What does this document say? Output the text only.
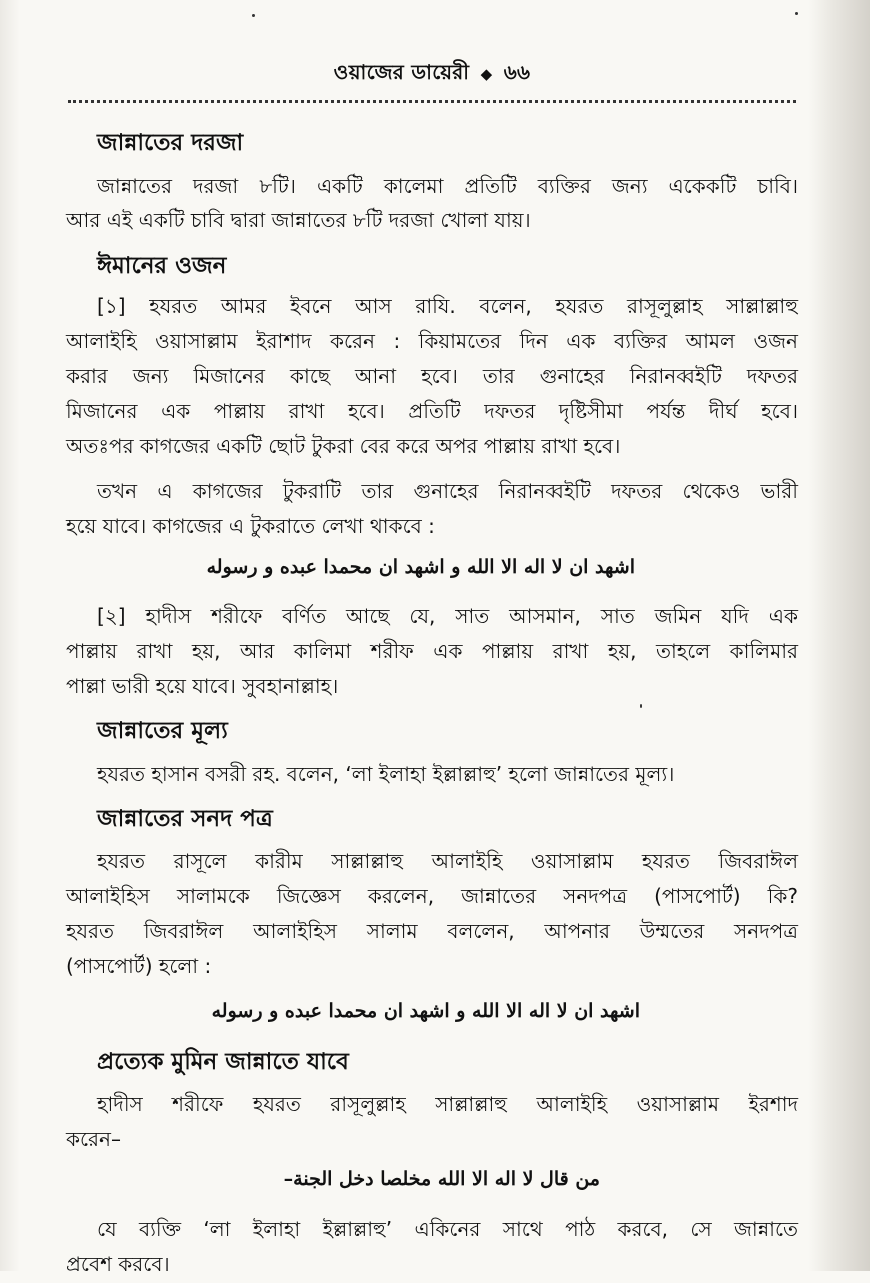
ওয়াজের ডায়েরী ◆ ৬৬
জান্নাতের দরজা
জান্নাতের দরজা ৮টি। একটি কালেমা প্রতিটি ব্যক্তির জন্য একেকটি চাবি।
আর এই একটি চাবি দ্বারা জান্নাতের ৮টি দরজা খোলা যায়।
ঈমানের ওজন
[১] হযরত আমর ইবনে আস রাযি. বলেন, হযরত রাসূলুল্লাহ সাল্লাল্লাহু
আলাইহি ওয়াসাল্লাম ইরাশাদ করেন : কিয়ামতের দিন এক ব্যক্তির আমল ওজন
করার জন্য মিজানের কাছে আনা হবে। তার গুনাহের নিরানব্বইটি দফতর
মিজানের এক পাল্লায় রাখা হবে। প্রতিটি দফতর দৃষ্টিসীমা পর্যন্ত দীর্ঘ হবে।
অতঃপর কাগজের একটি ছোট টুকরা বের করে অপর পাল্লায় রাখা হবে।
তখন এ কাগজের টুকরাটি তার গুনাহের নিরানব্বইটি দফতর থেকেও ভারী
হয়ে যাবে। কাগজের এ টুকরাতে লেখা থাকবে :
اشهد ان لا اله الا الله و اشهد ان محمدا عبده و رسوله
[২] হাদীস শরীফে বর্ণিত আছে যে, সাত আসমান, সাত জমিন যদি এক
পাল্লায় রাখা হয়, আর কালিমা শরীফ এক পাল্লায় রাখা হয়, তাহলে কালিমার
পাল্লা ভারী হয়ে যাবে। সুবহানাল্লাহ।
জান্নাতের মূল্য
হযরত হাসান বসরী রহ. বলেন, ‘লা ইলাহা ইল্লাল্লাহু’ হলো জান্নাতের মূল্য।
জান্নাতের সনদ পত্র
হযরত রাসূলে কারীম সাল্লাল্লাহু আলাইহি ওয়াসাল্লাম হযরত জিবরাঈল
আলাইহিস সালামকে জিজ্ঞেস করলেন, জান্নাতের সনদপত্র (পাসপোর্ট) কি?
হযরত জিবরাঈল আলাইহিস সালাম বললেন, আপনার উম্মতের সনদপত্র
(পাসপোর্ট) হলো :
اشهد ان لا اله الا الله و اشهد ان محمدا عبده و رسوله
প্রত্যেক মুমিন জান্নাতে যাবে
হাদীস শরীফে হযরত রাসূলুল্লাহ সাল্লাল্লাহু আলাইহি ওয়াসাল্লাম ইরশাদ
করেন–
من قال لا اله الا الله مخلصا دخل الجنة–
যে ব্যক্তি ‘লা ইলাহা ইল্লাল্লাহু’ একিনের সাথে পাঠ করবে, সে জান্নাতে
প্রবেশ করবে।
